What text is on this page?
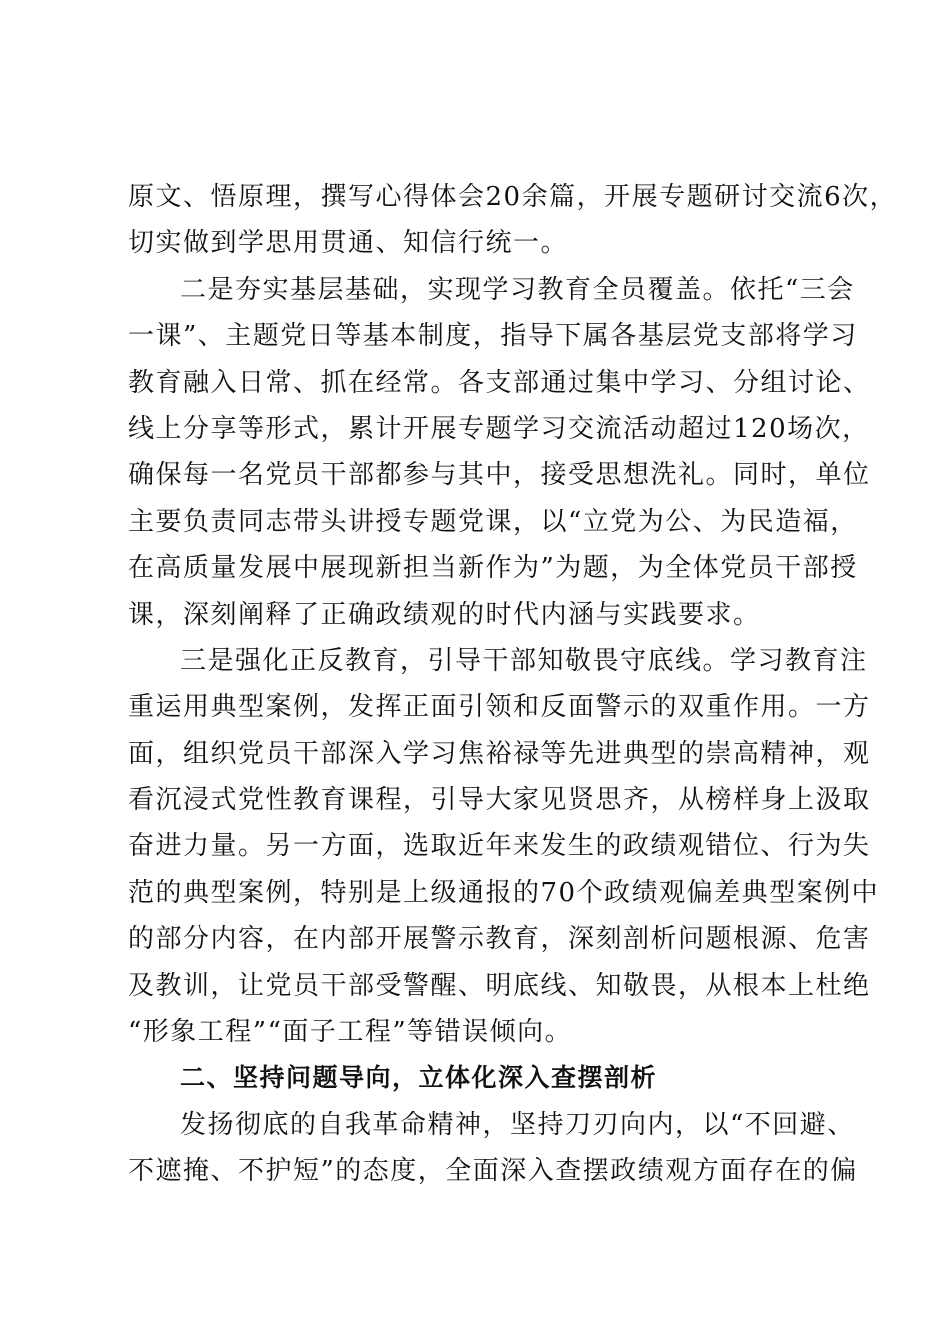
原文、悟原理，撰写心得体会20余篇，开展专题研讨交流6次，
切实做到学思用贯通、知信行统一。
二是夯实基层基础，实现学习教育全员覆盖。依托“三会
一课”、主题党日等基本制度，指导下属各基层党支部将学习
教育融入日常、抓在经常。各支部通过集中学习、分组讨论、
线上分享等形式，累计开展专题学习交流活动超过120场次，
确保每一名党员干部都参与其中，接受思想洗礼。同时，单位
主要负责同志带头讲授专题党课，以“立党为公、为民造福，
在高质量发展中展现新担当新作为”为题，为全体党员干部授
课，深刻阐释了正确政绩观的时代内涵与实践要求。
三是强化正反教育，引导干部知敬畏守底线。学习教育注
重运用典型案例，发挥正面引领和反面警示的双重作用。一方
面，组织党员干部深入学习焦裕禄等先进典型的崇高精神，观
看沉浸式党性教育课程，引导大家见贤思齐，从榜样身上汲取
奋进力量。另一方面，选取近年来发生的政绩观错位、行为失
范的典型案例，特别是上级通报的70个政绩观偏差典型案例中
的部分内容，在内部开展警示教育，深刻剖析问题根源、危害
及教训，让党员干部受警醒、明底线、知敬畏，从根本上杜绝
“形象工程”“面子工程”等错误倾向。
二、坚持问题导向，立体化深入查摆剖析
发扬彻底的自我革命精神，坚持刀刃向内，以“不回避、
不遮掩、不护短”的态度，全面深入查摆政绩观方面存在的偏
